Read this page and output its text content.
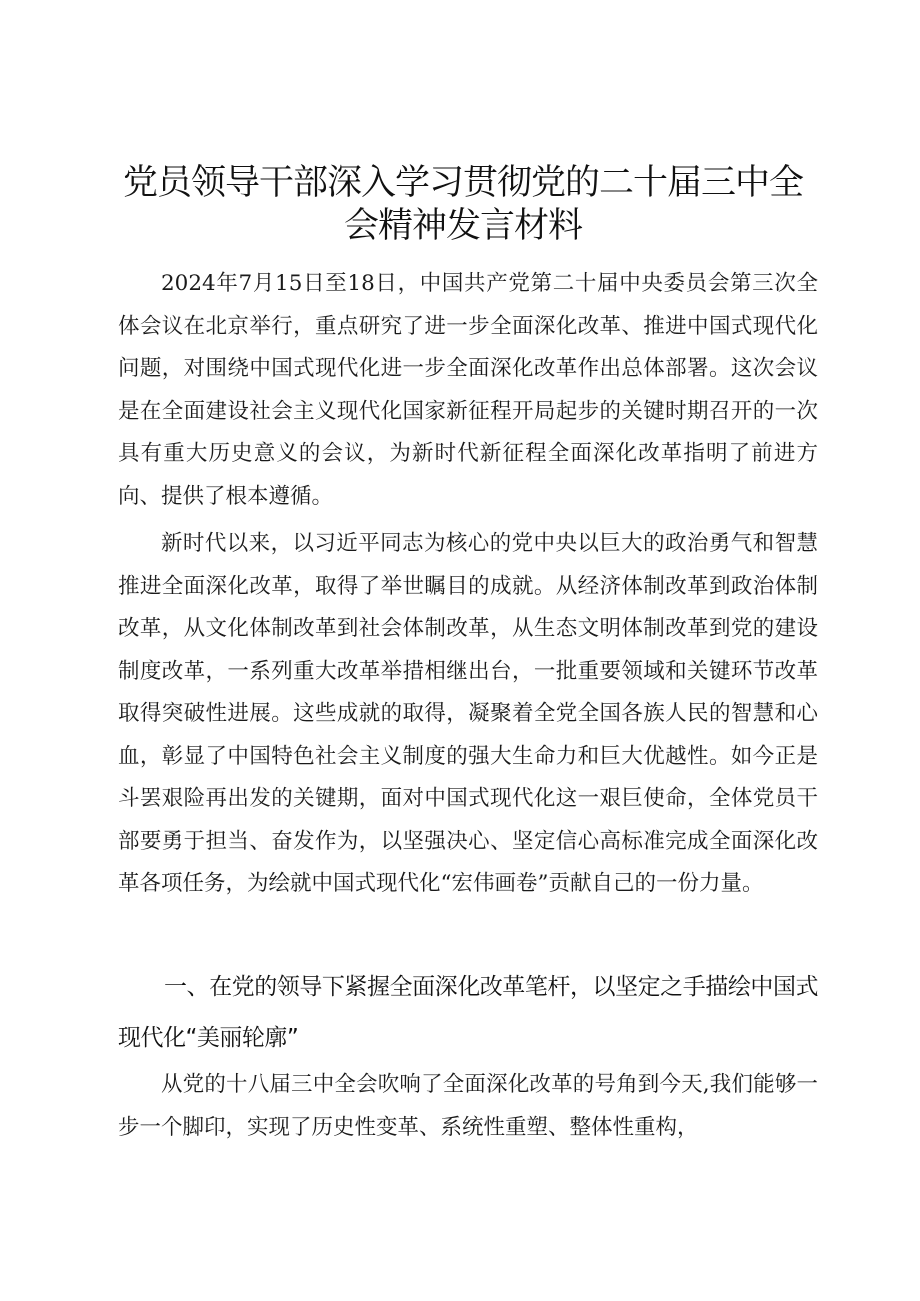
党员领导干部深入学习贯彻党的二十届三中全会精神发言材料

2024年7月15日至18日，中国共产党第二十届中央委员会第三次全体会议在北京举行，重点研究了进一步全面深化改革、推进中国式现代化问题，对围绕中国式现代化进一步全面深化改革作出总体部署。这次会议是在全面建设社会主义现代化国家新征程开局起步的关键时期召开的一次具有重大历史意义的会议，为新时代新征程全面深化改革指明了前进方向、提供了根本遵循。

新时代以来，以习近平同志为核心的党中央以巨大的政治勇气和智慧推进全面深化改革，取得了举世瞩目的成就。从经济体制改革到政治体制改革，从文化体制改革到社会体制改革，从生态文明体制改革到党的建设制度改革，一系列重大改革举措相继出台，一批重要领域和关键环节改革取得突破性进展。这些成就的取得，凝聚着全党全国各族人民的智慧和心血，彰显了中国特色社会主义制度的强大生命力和巨大优越性。如今正是斗罢艰险再出发的关键期，面对中国式现代化这一艰巨使命，全体党员干部要勇于担当、奋发作为，以坚强决心、坚定信心高标准完成全面深化改革各项任务，为绘就中国式现代化“宏伟画卷”贡献自己的一份力量。

一、在党的领导下紧握全面深化改革笔杆，以坚定之手描绘中国式现代化“美丽轮廓”

从党的十八届三中全会吹响了全面深化改革的号角到今天,我们能够一步一个脚印，实现了历史性变革、系统性重塑、整体性重构，
